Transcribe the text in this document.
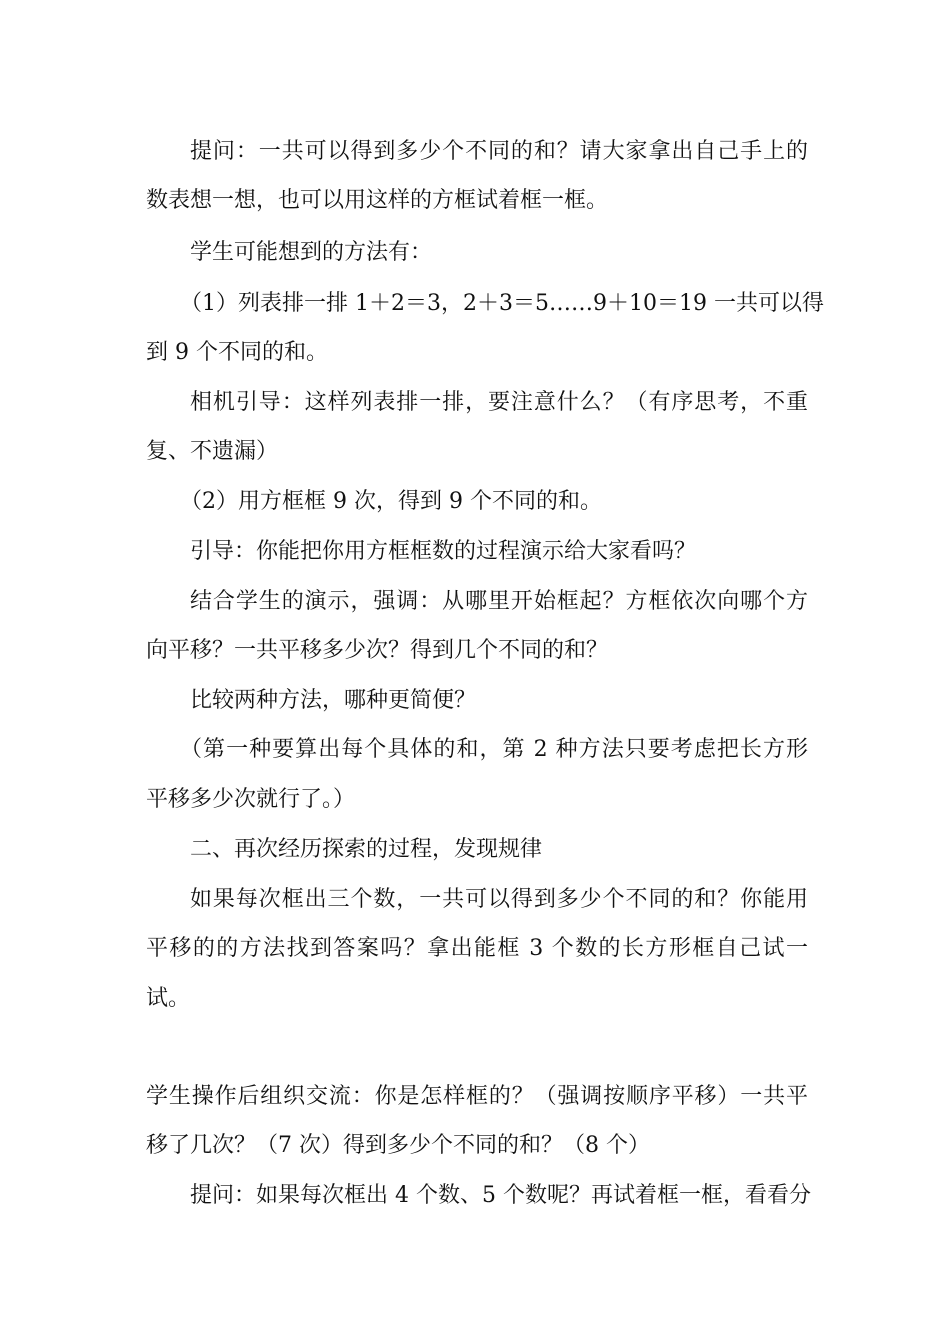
提问：一共可以得到多少个不同的和？请大家拿出自己手上的

数表想一想，也可以用这样的方框试着框一框。

学生可能想到的方法有：

（1）列表排一排 1＋2＝3，2＋3＝5……9＋10＝19 一共可以得

到 9 个不同的和。

相机引导：这样列表排一排，要注意什么？（有序思考，不重

复、不遗漏）

（2）用方框框 9 次，得到 9 个不同的和。

引导：你能把你用方框框数的过程演示给大家看吗？

结合学生的演示，强调：从哪里开始框起？方框依次向哪个方

向平移？一共平移多少次？得到几个不同的和？

比较两种方法，哪种更简便？

（第一种要算出每个具体的和，第 2 种方法只要考虑把长方形

平移多少次就行了。）

二、再次经历探索的过程，发现规律

如果每次框出三个数，一共可以得到多少个不同的和？你能用

平移的的方法找到答案吗？拿出能框 3 个数的长方形框自己试一

试。

学生操作后组织交流：你是怎样框的？（强调按顺序平移）一共平

移了几次？（7 次）得到多少个不同的和？（8 个）

提问：如果每次框出 4 个数、5 个数呢？再试着框一框，看看分
